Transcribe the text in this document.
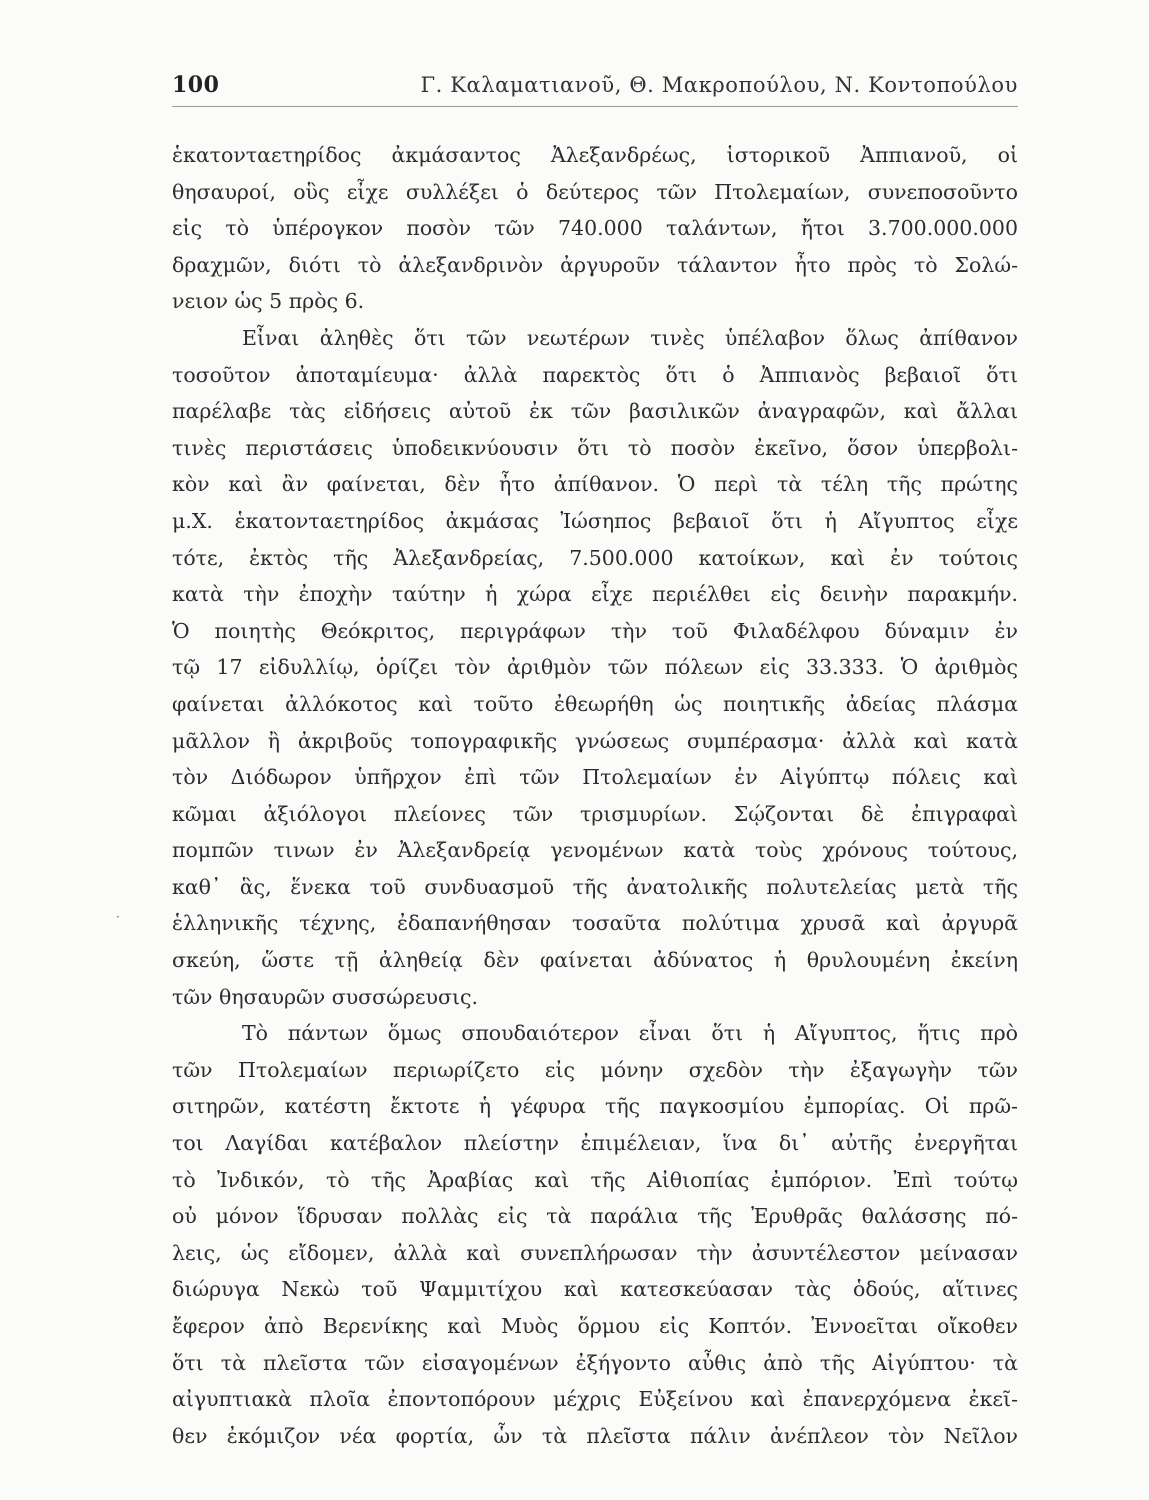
100	Γ. Καλαματιανοῦ, Θ. Μακροπούλου, Ν. Κοντοπούλου
·
ἑκατονταετηρίδος ἀκμάσαντος Ἀλεξανδρέως, ἱστορικοῦ Ἀππιανοῦ, οἱ
θησαυροί, οὓς εἶχε συλλέξει ὁ δεύτερος τῶν Πτολεμαίων, συνεποσοῦντο
εἰς τὸ ὑπέρογκον ποσὸν τῶν 740.000 ταλάντων, ἤτοι 3.700.000.000
δραχμῶν, διότι τὸ ἀλεξανδρινὸν ἀργυροῦν τάλαντον ἦτο πρὸς τὸ Σολώ-
νειον ὡς 5 πρὸς 6.
Εἶναι ἀληθὲς ὅτι τῶν νεωτέρων τινὲς ὑπέλαβον ὅλως ἀπίθανον
τοσοῦτον ἀποταμίευμα· ἀλλὰ παρεκτὸς ὅτι ὁ Ἀππιανὸς βεβαιοῖ ὅτι
παρέλαβε τὰς εἰδήσεις αὐτοῦ ἐκ τῶν βασιλικῶν ἀναγραφῶν, καὶ ἄλλαι
τινὲς περιστάσεις ὑποδεικνύουσιν ὅτι τὸ ποσὸν ἐκεῖνο, ὅσον ὑπερβολι-
κὸν καὶ ἂν φαίνεται, δὲν ἦτο ἀπίθανον. Ὁ περὶ τὰ τέλη τῆς πρώτης
μ.Χ. ἑκατονταετηρίδος ἀκμάσας Ἰώσηπος βεβαιοῖ ὅτι ἡ Αἴγυπτος εἶχε
τότε, ἐκτὸς τῆς Ἀλεξανδρείας, 7.500.000 κατοίκων, καὶ ἐν τούτοις
κατὰ τὴν ἐποχὴν ταύτην ἡ χώρα εἶχε περιέλθει εἰς δεινὴν παρακμήν.
Ὁ ποιητὴς Θεόκριτος, περιγράφων τὴν τοῦ Φιλαδέλφου δύναμιν ἐν
τῷ 17 εἰδυλλίῳ, ὁρίζει τὸν ἀριθμὸν τῶν πόλεων εἰς 33.333. Ὁ ἀριθμὸς
φαίνεται ἀλλόκοτος καὶ τοῦτο ἐθεωρήθη ὡς ποιητικῆς ἀδείας πλάσμα
μᾶλλον ἢ ἀκριβοῦς τοπογραφικῆς γνώσεως συμπέρασμα· ἀλλὰ καὶ κατὰ
τὸν Διόδωρον ὑπῆρχον ἐπὶ τῶν Πτολεμαίων ἐν Αἰγύπτῳ πόλεις καὶ
κῶμαι ἀξιόλογοι πλείονες τῶν τρισμυρίων. Σῴζονται δὲ ἐπιγραφαὶ
πομπῶν τινων ἐν Ἀλεξανδρείᾳ γενομένων κατὰ τοὺς χρόνους τούτους,
καθ᾽ ἃς, ἕνεκα τοῦ συνδυασμοῦ τῆς ἀνατολικῆς πολυτελείας μετὰ τῆς
ἑλληνικῆς τέχνης, ἐδαπανήθησαν τοσαῦτα πολύτιμα χρυσᾶ καὶ ἀργυρᾶ
σκεύη, ὥστε τῇ ἀληθείᾳ δὲν φαίνεται ἀδύνατος ἡ θρυλουμένη ἐκείνη
τῶν θησαυρῶν συσσώρευσις.
Τὸ πάντων ὅμως σπουδαιότερον εἶναι ὅτι ἡ Αἴγυπτος, ἥτις πρὸ
τῶν Πτολεμαίων περιωρίζετο εἰς μόνην σχεδὸν τὴν ἐξαγωγὴν τῶν
σιτηρῶν, κατέστη ἔκτοτε ἡ γέφυρα τῆς παγκοσμίου ἐμπορίας. Οἱ πρῶ-
τοι Λαγίδαι κατέβαλον πλείστην ἐπιμέλειαν, ἵνα δι᾽ αὐτῆς ἐνεργῆται
τὸ Ἰνδικόν, τὸ τῆς Ἀραβίας καὶ τῆς Αἰθιοπίας ἐμπόριον. Ἐπὶ τούτῳ
οὐ μόνον ἵδρυσαν πολλὰς εἰς τὰ παράλια τῆς Ἐρυθρᾶς θαλάσσης πό-
λεις, ὡς εἴδομεν, ἀλλὰ καὶ συνεπλήρωσαν τὴν ἀσυντέλεστον μείνασαν
διώρυγα Νεκὼ τοῦ Ψαμμιτίχου καὶ κατεσκεύασαν τὰς ὁδούς, αἵτινες
ἔφερον ἀπὸ Βερενίκης καὶ Μυὸς ὅρμου εἰς Κοπτόν. Ἐννοεῖται οἴκοθεν
ὅτι τὰ πλεῖστα τῶν εἰσαγομένων ἐξήγοντο αὖθις ἀπὸ τῆς Αἰγύπτου· τὰ
αἰγυπτιακὰ πλοῖα ἐποντοπόρουν μέχρις Εὐξείνου καὶ ἐπανερχόμενα ἐκεῖ-
θεν ἐκόμιζον νέα φορτία, ὧν τὰ πλεῖστα πάλιν ἀνέπλεον τὸν Νεῖλον
